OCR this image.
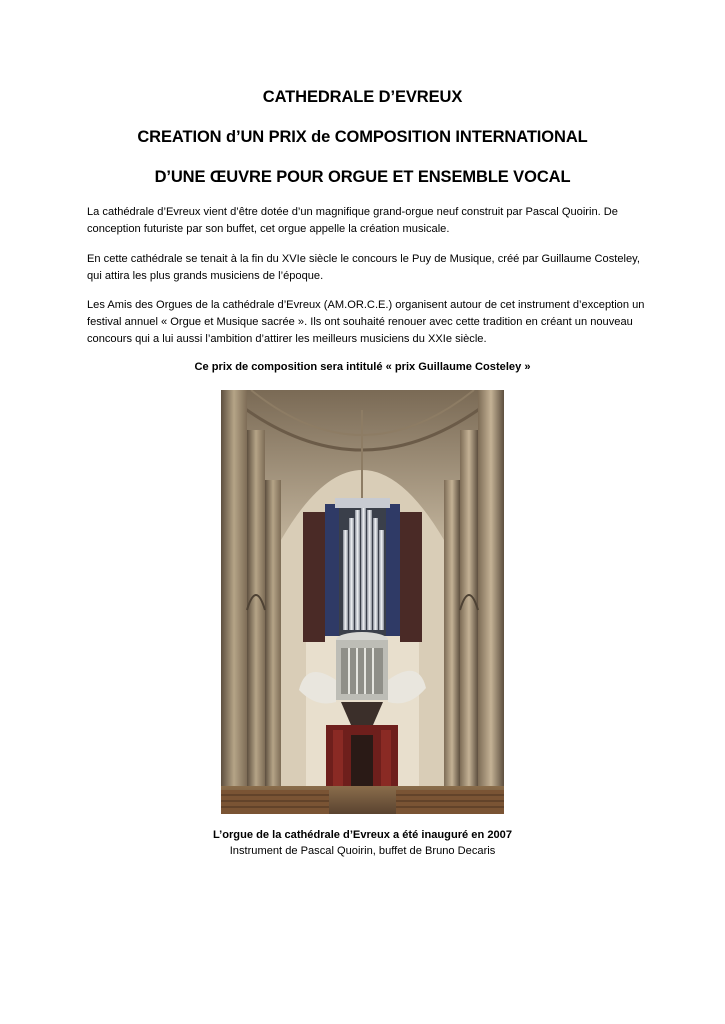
CATHEDRALE D’EVREUX
CREATION d’UN PRIX de COMPOSITION INTERNATIONAL
D’UNE ŒUVRE POUR ORGUE ET ENSEMBLE VOCAL

La cathédrale d’Evreux vient d’être dotée d’un magnifique grand-orgue neuf construit par Pascal Quoirin. De conception futuriste par son buffet, cet orgue appelle la création musicale.

En cette cathédrale se tenait à la fin du XVIe siècle le concours le Puy de Musique, créé par Guillaume Costeley, qui attira les plus grands musiciens de l’époque.

Les Amis des Orgues de la cathédrale d’Evreux (AM.OR.C.E.) organisent autour de cet instrument d’exception un festival annuel « Orgue et Musique sacrée ». Ils ont souhaité renouer avec cette tradition en créant un nouveau concours qui a lui aussi l’ambition d’attirer les meilleurs musiciens du XXIe siècle.

Ce prix de composition sera intitulé « prix Guillaume Costeley »

L’orgue de la cathédrale d’Evreux a été inauguré en 2007

Instrument de Pascal Quoirin, buffet de Bruno Decaris
